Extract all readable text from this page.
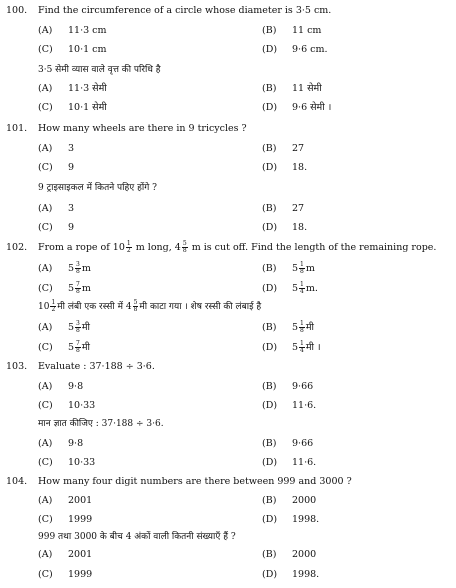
100. Find the circumference of a circle whose diameter is 3·5 cm.
(A) 11·3 cm	(B) 11 cm
(C) 10·1 cm	(D) 9·6 cm.
3·5 सेमी व्यास वाले वृत्त की परिधि है
(A) 11·3 सेमी	(B) 11 सेमी
(C) 10·1 सेमी	(D) 9·6 सेमी ।
101. How many wheels are there in 9 tricycles ?
(A) 3	(B) 27
(C) 9	(D) 18.
9 ट्राइसाइकल में कितने पहिए होंगे ?
(A) 3	(B) 27
(C) 9	(D) 18.
102. From a rope of $10 \frac{1}{2}$ m long, $4 \frac{5}{8}$ m is cut off. Find the length of the remaining rope.
(A) $5 \frac{3}{8}$ m	(B) $5 \frac{1}{8}$ m
(C) $5 \frac{7}{8}$ m	(D) $5 \frac{1}{4} m$.
$10 \frac{1}{2}$ मी लंबी एक रस्सी में $4 \frac{5}{8}$ मी काटा गया । शेष रस्सी की लंबाई है
(A) $5 \frac{3}{8}$ मी	(B) $5 \frac{1}{8}$ मी
(C) $5 \frac{7}{8}$ मी	(D) $5 \frac{1}{4}$ मी ।
103. Evaluate : 37·188 ÷ 3·6.
(A) 9·8	(B) 9·66
(C) 10·33	(D) 11·6.
मान ज्ञात कीजिए : 37·188 ÷ 3·6.
(A) 9·8	(B) 9·66
(C) 10·33	(D) 11·6.
104. How many four digit numbers are there between 999 and 3000 ?
(A) 2001	(B) 2000
(C) 1999	(D) 1998.
999 तथा 3000 के बीच 4 अंकों वाली कितनी संख्याएँ हैं ?
(A) 2001	(B) 2000
(C) 1999	(D) 1998.
